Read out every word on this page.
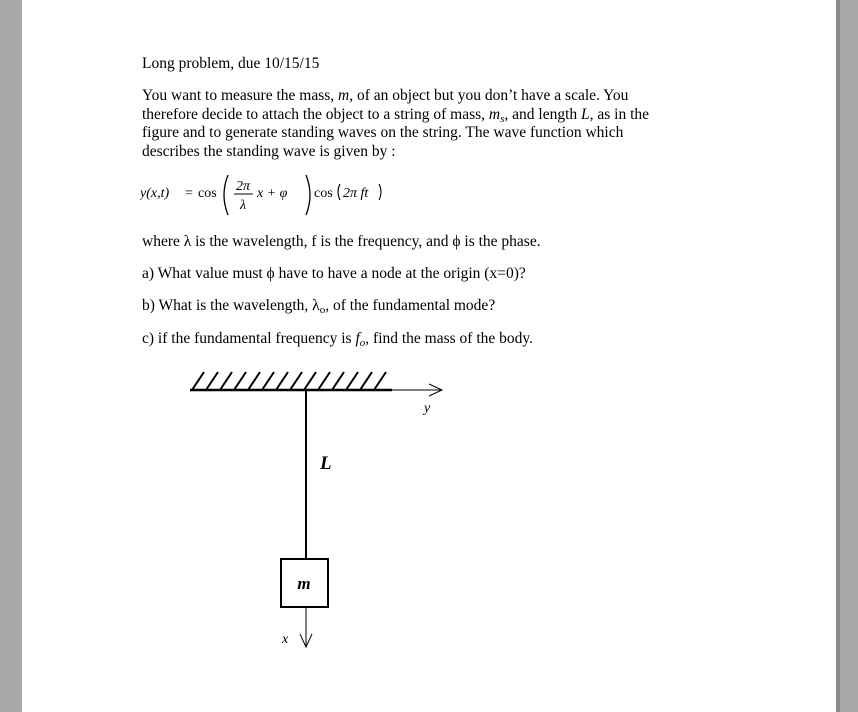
Long problem, due 10/15/15
You want to measure the mass, m, of an object but you don’t have a scale. You
therefore decide to attach the object to a string of mass, $m_s$, and length L, as in the
figure and to generate standing waves on the string. The wave function which
describes the standing wave is given by :
y(x,t) = cos 2π
λ
x + φ cos 2π ft
where λ is the wavelength, f is the frequency, and ϕ is the phase.
a) What value must ϕ have to have a node at the origin (x=0)?
b) What is the wavelength, $\lambda_o$, of the fundamental mode?
c) if the fundamental frequency is $f_o$, find the mass of the body.
y
L
m
x
